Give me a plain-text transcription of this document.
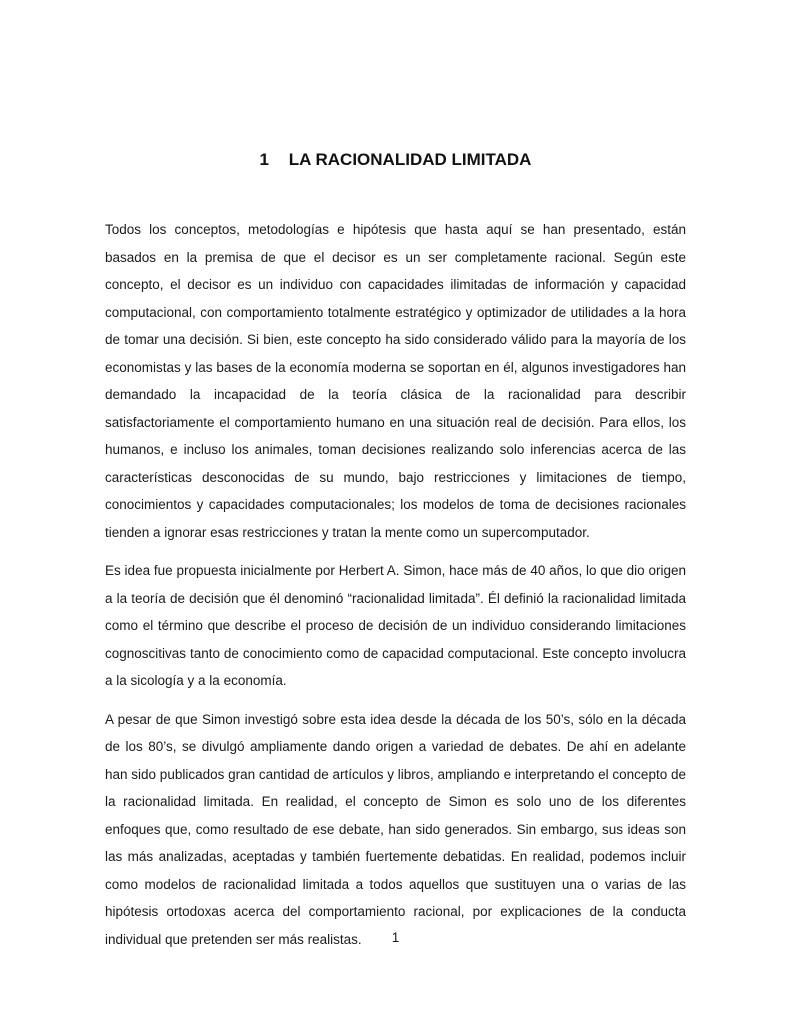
1 LA RACIONALIDAD LIMITADA

Todos los conceptos, metodologías e hipótesis que hasta aquí se han presentado, están basados en la premisa de que el decisor es un ser completamente racional. Según este concepto, el decisor es un individuo con capacidades ilimitadas de información y capacidad computacional, con comportamiento totalmente estratégico y optimizador de utilidades a la hora de tomar una decisión. Si bien, este concepto ha sido considerado válido para la mayoría de los economistas y las bases de la economía moderna se soportan en él, algunos investigadores han demandado la incapacidad de la teoría clásica de la racionalidad para describir satisfactoriamente el comportamiento humano en una situación real de decisión. Para ellos, los humanos, e incluso los animales, toman decisiones realizando solo inferencias acerca de las características desconocidas de su mundo, bajo restricciones y limitaciones de tiempo, conocimientos y capacidades computacionales; los modelos de toma de decisiones racionales tienden a ignorar esas restricciones y tratan la mente como un supercomputador.

Es idea fue propuesta inicialmente por Herbert A. Simon, hace más de 40 años, lo que dio origen a la teoría de decisión que él denominó “racionalidad limitada”. Él definió la racionalidad limitada como el término que describe el proceso de decisión de un individuo considerando limitaciones cognoscitivas tanto de conocimiento como de capacidad computacional. Este concepto involucra a la sicología y a la economía.

A pesar de que Simon investigó sobre esta idea desde la década de los 50’s, sólo en la década de los 80’s, se divulgó ampliamente dando origen a variedad de debates. De ahí en adelante han sido publicados gran cantidad de artículos y libros, ampliando e interpretando el concepto de la racionalidad limitada. En realidad, el concepto de Simon es solo uno de los diferentes enfoques que, como resultado de ese debate, han sido generados. Sin embargo, sus ideas son las más analizadas, aceptadas y también fuertemente debatidas. En realidad, podemos incluir como modelos de racionalidad limitada a todos aquellos que sustituyen una o varias de las hipótesis ortodoxas acerca del comportamiento racional, por explicaciones de la conducta individual que pretenden ser más realistas.	1
